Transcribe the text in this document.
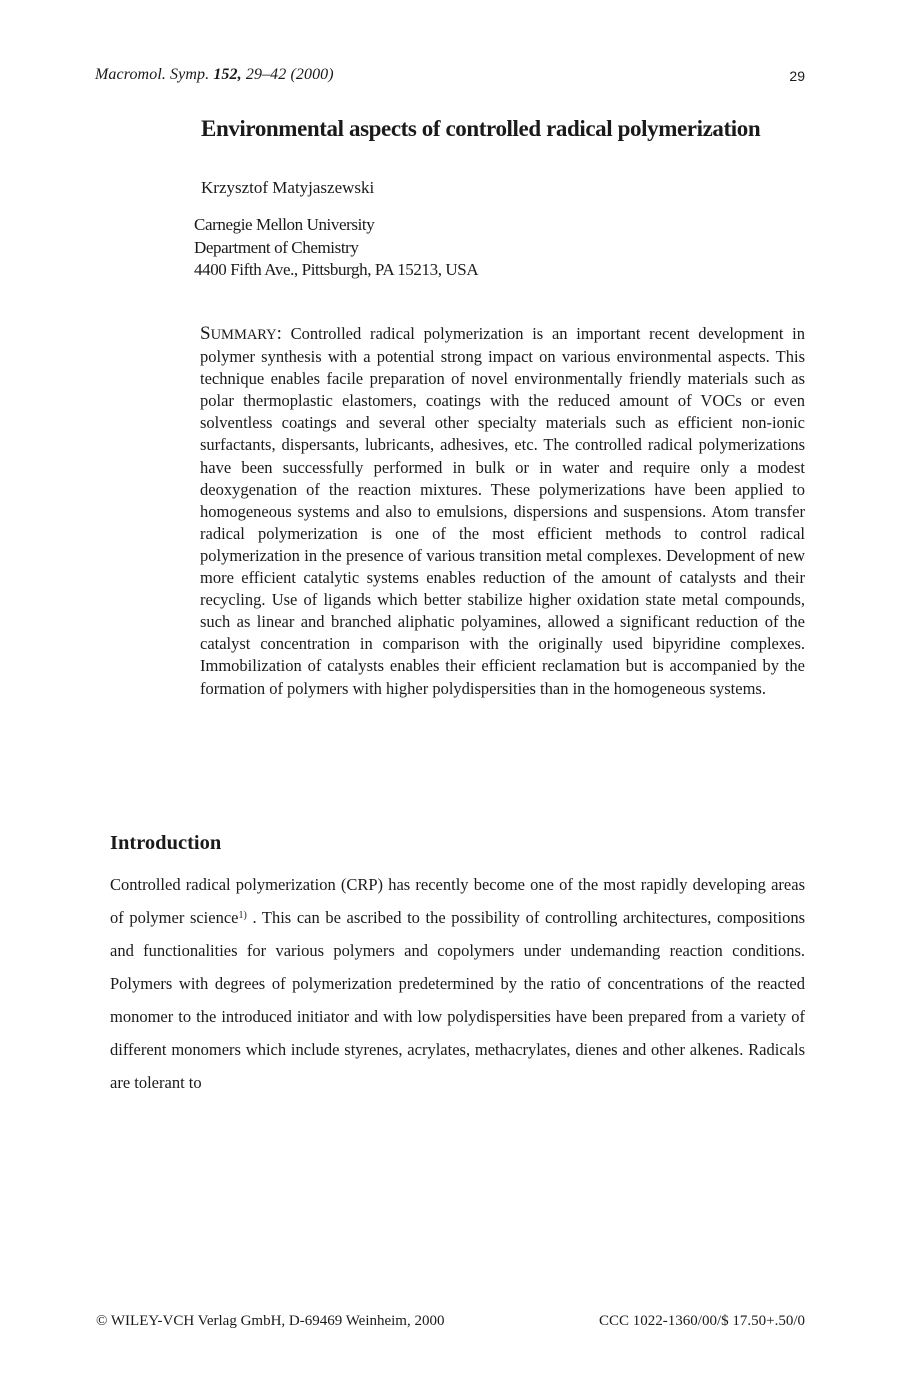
Macromol. Symp. 152, 29–42 (2000)	29
Environmental aspects of controlled radical polymerization
Krzysztof Matyjaszewski
Carnegie Mellon University
Department of Chemistry
4400 Fifth Ave., Pittsburgh, PA 15213, USA

SUMMARY: Controlled radical polymerization is an important recent development in polymer synthesis with a potential strong impact on various environmental aspects. This technique enables facile preparation of novel environmentally friendly materials such as polar thermoplastic elastomers, coatings with the reduced amount of VOCs or even solventless coatings and several other specialty materials such as efficient non-ionic surfactants, dispersants, lubricants, adhesives, etc. The controlled radical polymerizations have been successfully performed in bulk or in water and require only a modest deoxygenation of the reaction mixtures. These polymerizations have been applied to homogeneous systems and also to emulsions, dispersions and suspensions. Atom transfer radical polymerization is one of the most efficient methods to control radical polymerization in the presence of various transition metal complexes. Development of new more efficient catalytic systems enables reduction of the amount of catalysts and their recycling. Use of ligands which better stabilize higher oxidation state metal compounds, such as linear and branched aliphatic polyamines, allowed a significant reduction of the catalyst concentration in comparison with the originally used bipyridine complexes. Immobilization of catalysts enables their efficient reclamation but is accompanied by the formation of polymers with higher polydispersities than in the homogeneous systems.

Introduction

Controlled radical polymerization (CRP) has recently become one of the most rapidly developing areas of polymer science$^{1)}$ . This can be ascribed to the possibility of controlling architectures, compositions and functionalities for various polymers and copolymers under undemanding reaction conditions. Polymers with degrees of polymerization predetermined by the ratio of concentrations of the reacted monomer to the introduced initiator and with low polydispersities have been prepared from a variety of different monomers which include styrenes, acrylates, methacrylates, dienes and other alkenes. Radicals are tolerant to

© WILEY-VCH Verlag GmbH, D-69469 Weinheim, 2000	CCC 1022-1360/00/$ 17.50+.50/0
